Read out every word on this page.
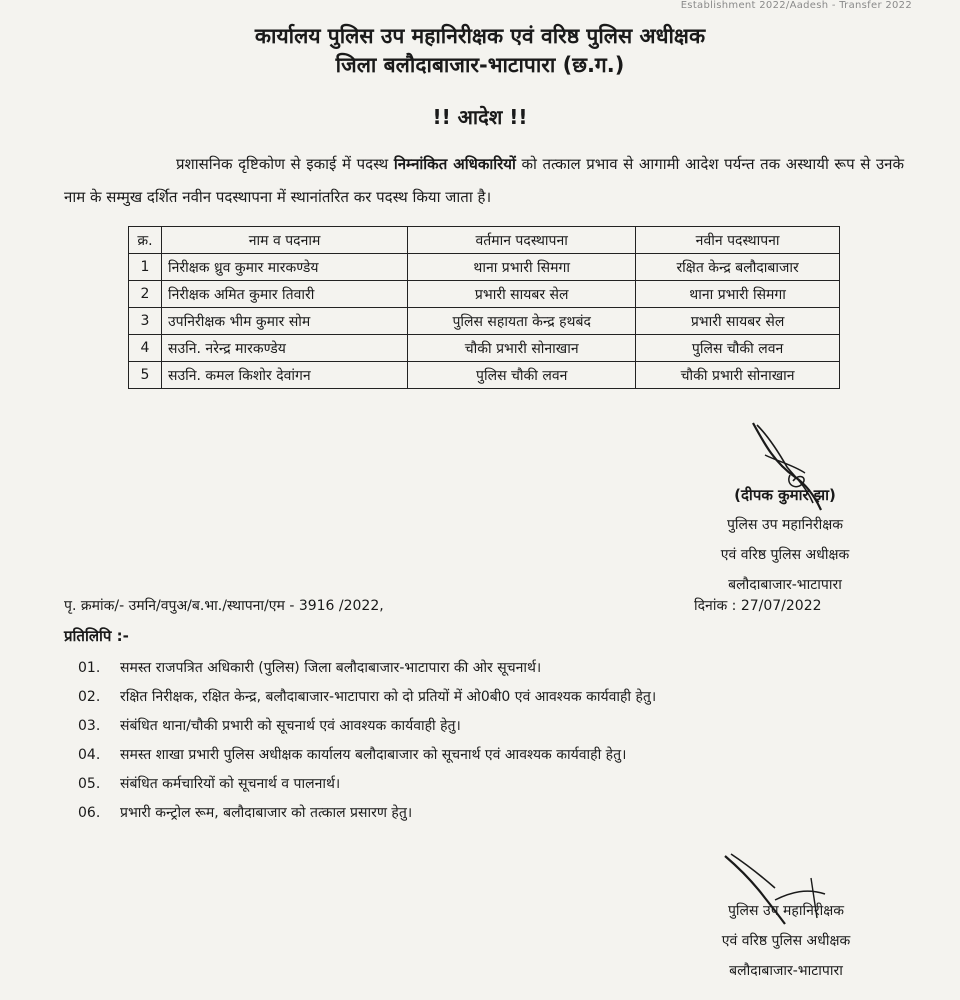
Establishment 2022/Aadesh - Transfer 2022
कार्यालय पुलिस उप महानिरीक्षक एवं वरिष्ठ पुलिस अधीक्षक
जिला बलौदाबाजार-भाटापारा (छ.ग.)
!! आदेश !!
प्रशासनिक दृष्टिकोण से इकाई में पदस्थ निम्नांकित अधिकारियों को तत्काल प्रभाव से आगामी आदेश पर्यन्त तक अस्थायी रूप से उनके नाम के सम्मुख दर्शित नवीन पदस्थापना में स्थानांतरित कर पदस्थ किया जाता है।
क्र.	नाम व पदनाम	वर्तमान पदस्थापना	नवीन पदस्थापना
1	निरीक्षक ध्रुव कुमार मारकण्डेय	थाना प्रभारी सिमगा	रक्षित केन्द्र बलौदाबाजार
2	निरीक्षक अमित कुमार तिवारी	प्रभारी सायबर सेल	थाना प्रभारी सिमगा
3	उपनिरीक्षक भीम कुमार सोम	पुलिस सहायता केन्द्र हथबंद	प्रभारी सायबर सेल
4	सउनि. नरेन्द्र मारकण्डेय	चौकी प्रभारी सोनाखान	पुलिस चौकी लवन
5	सउनि. कमल किशोर देवांगन	पुलिस चौकी लवन	चौकी प्रभारी सोनाखान
(दीपक कुमार झा)
पुलिस उप महानिरीक्षक
एवं वरिष्ठ पुलिस अधीक्षक
बलौदाबाजार-भाटापारा
पृ. क्रमांक/- उमनि/वपुअ/ब.भा./स्थापना/एम - 3916 /2022,	दिनांक : 27/07/2022
प्रतिलिपि :-
01. समस्त राजपत्रित अधिकारी (पुलिस) जिला बलौदाबाजार-भाटापारा की ओर सूचनार्थ।
02. रक्षित निरीक्षक, रक्षित केन्द्र, बलौदाबाजार-भाटापारा को दो प्रतियों में ओ0बी0 एवं आवश्यक कार्यवाही हेतु।
03. संबंधित थाना/चौकी प्रभारी को सूचनार्थ एवं आवश्यक कार्यवाही हेतु।
04. समस्त शाखा प्रभारी पुलिस अधीक्षक कार्यालय बलौदाबाजार को सूचनार्थ एवं आवश्यक कार्यवाही हेतु।
05. संबंधित कर्मचारियों को सूचनार्थ व पालनार्थ।
06. प्रभारी कन्ट्रोल रूम, बलौदाबाजार को तत्काल प्रसारण हेतु।
पुलिस उप महानिरीक्षक
एवं वरिष्ठ पुलिस अधीक्षक
बलौदाबाजार-भाटापारा
